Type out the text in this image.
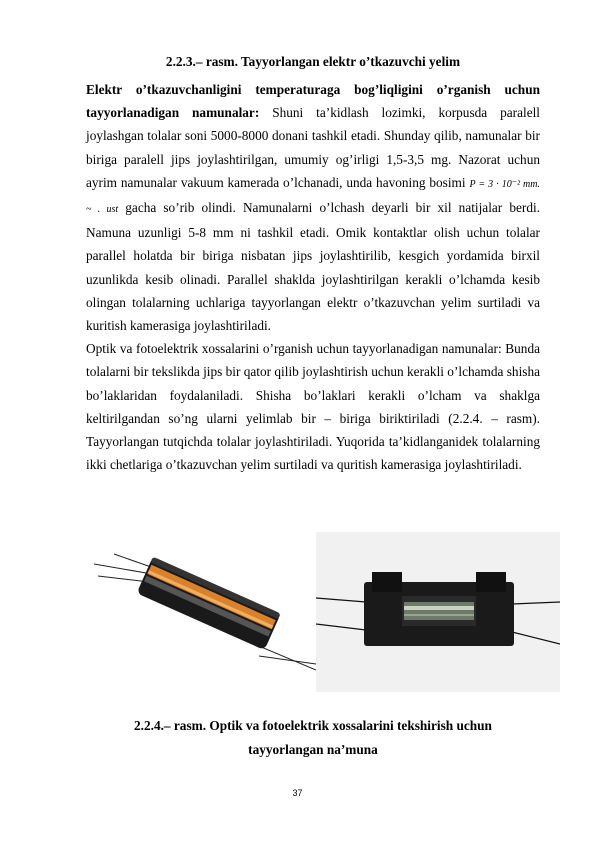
2.2.3.– rasm. Tayyorlangan elektr o’tkazuvchi yelim

Elektr o’tkazuvchanligini temperaturaga bog’liqligini o’rganish uchun tayyorlanadigan namunalar: Shuni ta’kidlash lozimki, korpusda paralell joylashgan tolalar soni 5000-8000 donani tashkil etadi. Shunday qilib, namunalar bir biriga paralell jips joylashtirilgan, umumiy og’irligi 1,5-3,5 mg. Nazorat uchun ayrim namunalar vakuum kamerada o’lchanadi, unda havoning bosimi P = 3 · 10⁻² mm. ~ . ust gacha so’rib olindi. Namunalarni o’lchash deyarli bir xil natijalar berdi. Namuna uzunligi 5-8 mm ni tashkil etadi. Omik kontaktlar olish uchun tolalar parallel holatda bir biriga nisbatan jips joylashtirilib, kesgich yordamida birxil uzunlikda kesib olinadi. Parallel shaklda joylashtirilgan kerakli o’lchamda kesib olingan tolalarning uchlariga tayyorlangan elektr o’tkazuvchan yelim surtiladi va kuritish kamerasiga joylashtiriladi.

Optik va fotoelektrik xossalarini o’rganish uchun tayyorlanadigan namunalar: Bunda tolalarni bir tekslikda jips bir qator qilib joylashtirish uchun kerakli o’lchamda shisha bo’laklaridan foydalaniladi. Shisha bo’laklari kerakli o’lcham va shaklga keltirilgandan so’ng ularni yelimlab bir – biriga biriktiriladi (2.2.4. – rasm). Tayyorlangan tutqichda tolalar joylashtiriladi. Yuqorida ta’kidlanganidek tolalarning ikki chetlariga o’tkazuvchan yelim surtiladi va quritish kamerasiga joylashtiriladi.

2.2.4.– rasm. Optik va fotoelektrik xossalarini tekshirish uchun
tayyorlangan na’muna
37
